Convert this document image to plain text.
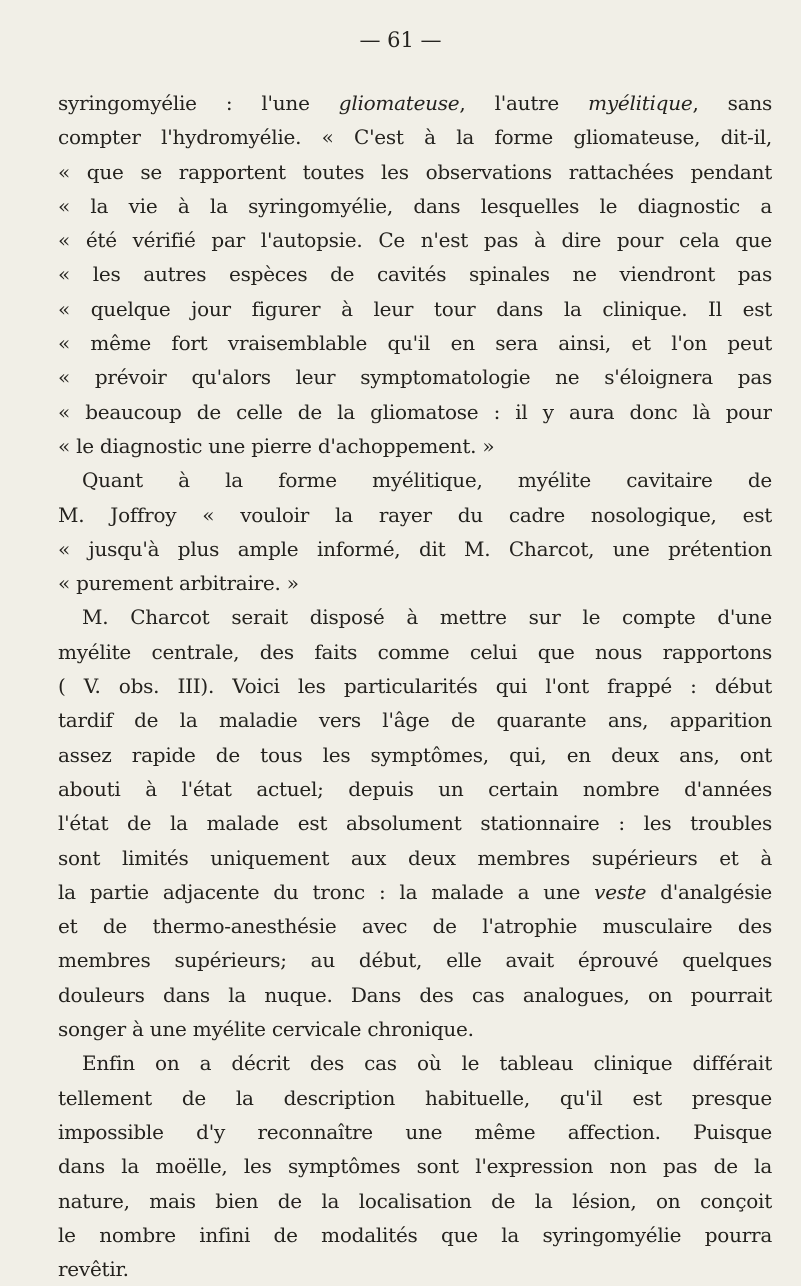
— 61 —

syringomyélie : l'une gliomateuse, l'autre myélitique, sans
compter l'hydromyélie. « C'est à la forme gliomateuse, dit-il,
« que se rapportent toutes les observations rattachées pendant
« la vie à la syringomyélie, dans lesquelles le diagnostic a
« été vérifié par l'autopsie. Ce n'est pas à dire pour cela que
« les autres espèces de cavités spinales ne viendront pas
« quelque jour figurer à leur tour dans la clinique. Il est
« même fort vraisemblable qu'il en sera ainsi, et l'on peut
« prévoir qu'alors leur symptomatologie ne s'éloignera pas
« beaucoup de celle de la gliomatose : il y aura donc là pour
« le diagnostic une pierre d'achoppement. »
Quant à la forme myélitique, myélite cavitaire de
M. Joffroy « vouloir la rayer du cadre nosologique, est
« jusqu'à plus ample informé, dit M. Charcot, une prétention
« purement arbitraire. »
M. Charcot serait disposé à mettre sur le compte d'une
myélite centrale, des faits comme celui que nous rapportons
( V. obs. III). Voici les particularités qui l'ont frappé : début
tardif de la maladie vers l'âge de quarante ans, apparition
assez rapide de tous les symptômes, qui, en deux ans, ont
abouti à l'état actuel; depuis un certain nombre d'années
l'état de la malade est absolument stationnaire : les troubles
sont limités uniquement aux deux membres supérieurs et à
la partie adjacente du tronc : la malade a une veste d'analgésie
et de thermo-anesthésie avec de l'atrophie musculaire des
membres supérieurs; au début, elle avait éprouvé quelques
douleurs dans la nuque. Dans des cas analogues, on pourrait
songer à une myélite cervicale chronique.
Enfin on a décrit des cas où le tableau clinique différait
tellement de la description habituelle, qu'il est presque
impossible d'y reconnaître une même affection. Puisque
dans la moëlle, les symptômes sont l'expression non pas de la
nature, mais bien de la localisation de la lésion, on conçoit
le nombre infini de modalités que la syringomyélie pourra
revêtir.
